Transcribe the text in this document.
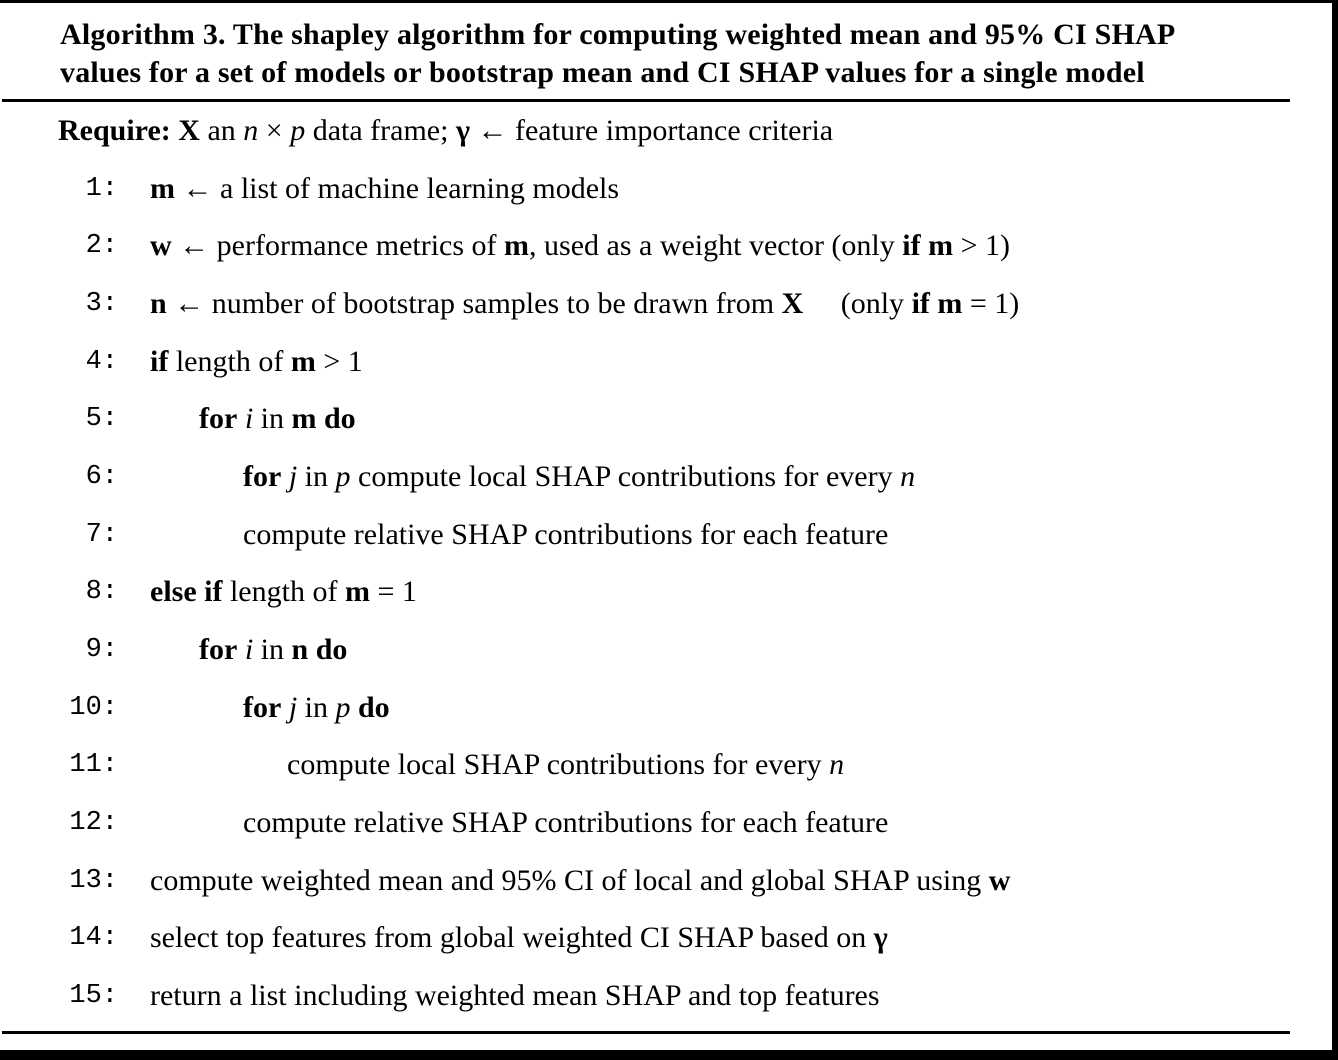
Algorithm 3. The shapley algorithm for computing weighted mean and 95% CI SHAP
values for a set of models or bootstrap mean and CI SHAP values for a single model
Require: X an n × p data frame; γ ← feature importance criteria
1: m ← a list of machine learning models
2: w ← performance metrics of m, used as a weight vector (only if m > 1)
3: n ← number of bootstrap samples to be drawn from X  (only if m = 1)
4: if length of m > 1
5:	for i in m do
6:	for j in p compute local SHAP contributions for every n
7:	compute relative SHAP contributions for each feature
8: else if length of m = 1
9:	for i in n do
10:	for j in p do
11:	compute local SHAP contributions for every n
12:	compute relative SHAP contributions for each feature
13: compute weighted mean and 95% CI of local and global SHAP using w
14: select top features from global weighted CI SHAP based on γ
15: return a list including weighted mean SHAP and top features
